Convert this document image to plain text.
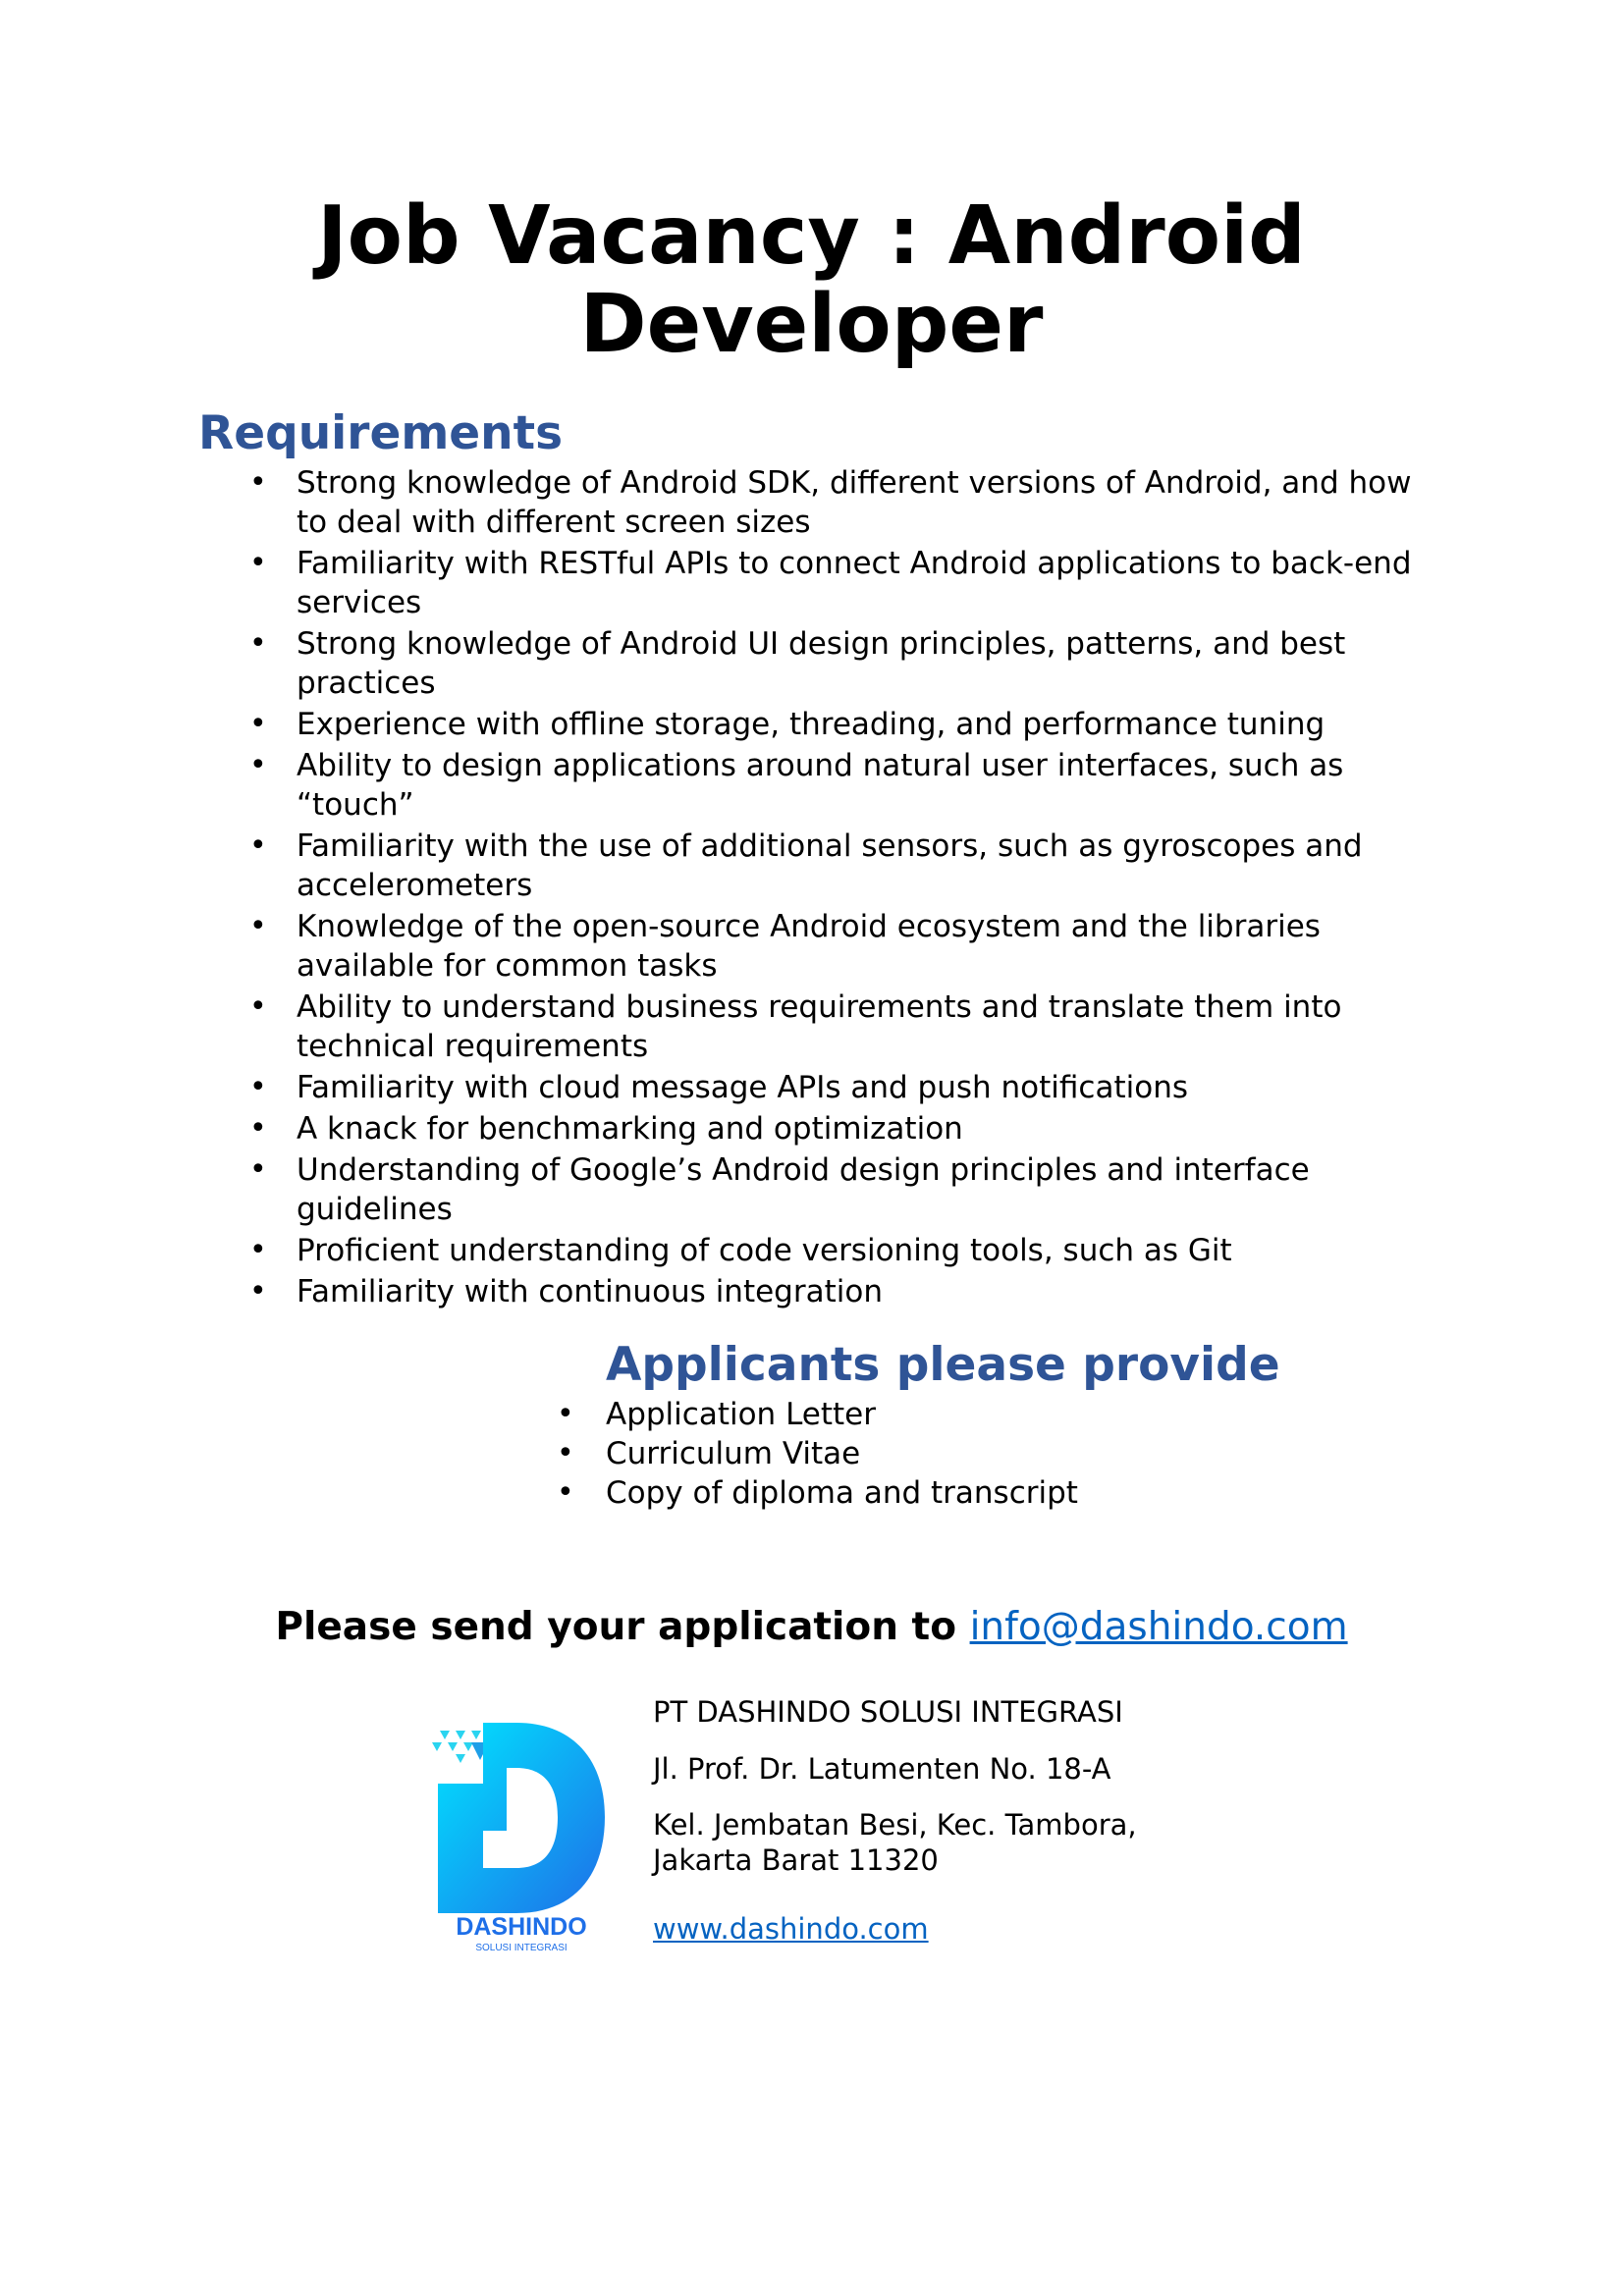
Job Vacancy : Android
Developer
Requirements
• Strong knowledge of Android SDK, different versions of Android, and how
to deal with different screen sizes
• Familiarity with RESTful APIs to connect Android applications to back-end
services
• Strong knowledge of Android UI design principles, patterns, and best
practices
• Experience with offline storage, threading, and performance tuning
• Ability to design applications around natural user interfaces, such as
“touch”
• Familiarity with the use of additional sensors, such as gyroscopes and
accelerometers
• Knowledge of the open-source Android ecosystem and the libraries
available for common tasks
• Ability to understand business requirements and translate them into
technical requirements
• Familiarity with cloud message APIs and push notifications
• A knack for benchmarking and optimization
• Understanding of Google’s Android design principles and interface
guidelines
• Proficient understanding of code versioning tools, such as Git
• Familiarity with continuous integration
Applicants please provide
• Application Letter
• Curriculum Vitae
• Copy of diploma and transcript

Please send your application to info@dashindo.com

DASHINDO
SOLUSI INTEGRASI

PT DASHINDO SOLUSI INTEGRASI

Jl. Prof. Dr. Latumenten No. 18-A

Kel. Jembatan Besi, Kec. Tambora,

Jakarta Barat 11320

www.dashindo.com
